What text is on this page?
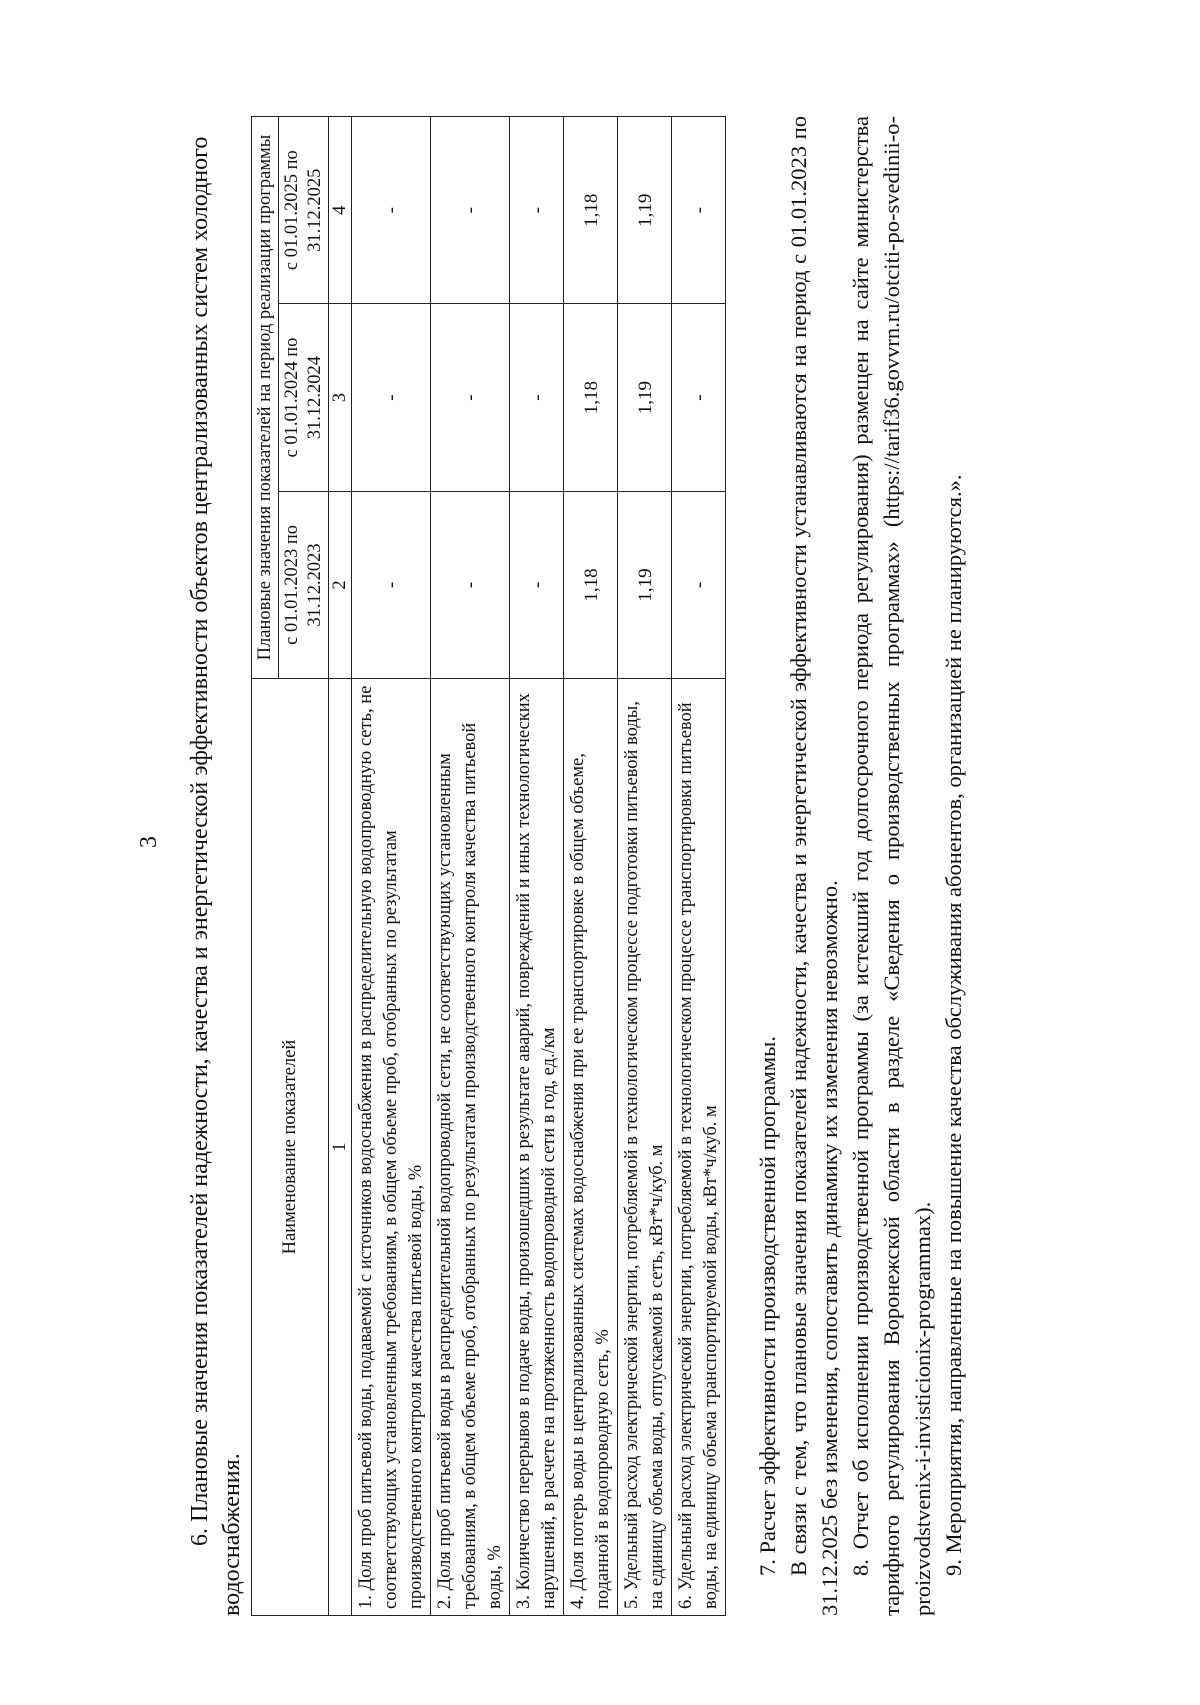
3 6. Плановые значения показателей надежности, качества и энергетической эффективности объектов централизованных систем холодного водоснабжения.
Наименование показателей	Плановые значения показателей на период реализации программы		
	с 01.01.2023 по 31.12.2023	с 01.01.2024 по 31.12.2024	с 01.01.2025 по 31.12.2025
1	2	3	4
1. Доля проб питьевой воды, подаваемой с источников водоснабжения в распределительную водопроводную сеть, не соответствующих установленным требованиям, в общем объеме проб, отобранных по результатам производственного контроля качества питьевой воды, %	-	-	-
2. Доля проб питьевой воды в распределительной водопроводной сети, не соответствующих установленным требованиям, в общем объеме проб, отобранных по результатам производственного контроля качества питьевой воды, %	-	-	-
3. Количество перерывов в подаче воды, произошедших в результате аварий, повреждений и иных технологических нарушений, в расчете на протяженность водопроводной сети в год, ед./км	-	-	-
4. Доля потерь воды в централизованных системах водоснабжения при ее транспортировке в общем объеме, поданной в водопроводную сеть, %	1,18	1,18	1,18
5. Удельный расход электрической энергии, потребляемой в технологическом процессе подготовки питьевой воды, на единицу объема воды, отпускаемой в сеть, кВт*ч/куб. м	1,19	1,19	1,19
6. Удельный расход электрической энергии, потребляемой в технологическом процессе транспортировки питьевой воды, на единицу объема транспортируемой воды, кВт*ч/куб. м	-	-	-

7. Расчет эффективности производственной программы. В связи с тем, что плановые значения показателей надежности, качества и энергетической эффективности устанавливаются на период с 01.01.2023 по 31.12.2025 без изменения, сопоставить динамику их изменения невозможно. 8. Отчет об исполнении производственной программы (за истекший год долгосрочного периода регулирования) размещен на сайте министерства тарифного регулирования Воронежской области в разделе «Сведения о производственных программах» (https://tarif36.govvrn.ru/otciti-po-svedinii-o-proizvodstvenix-i-invisticionix-programmax). 9. Мероприятия, направленные на повышение качества обслуживания абонентов, организацией не планируются.».
